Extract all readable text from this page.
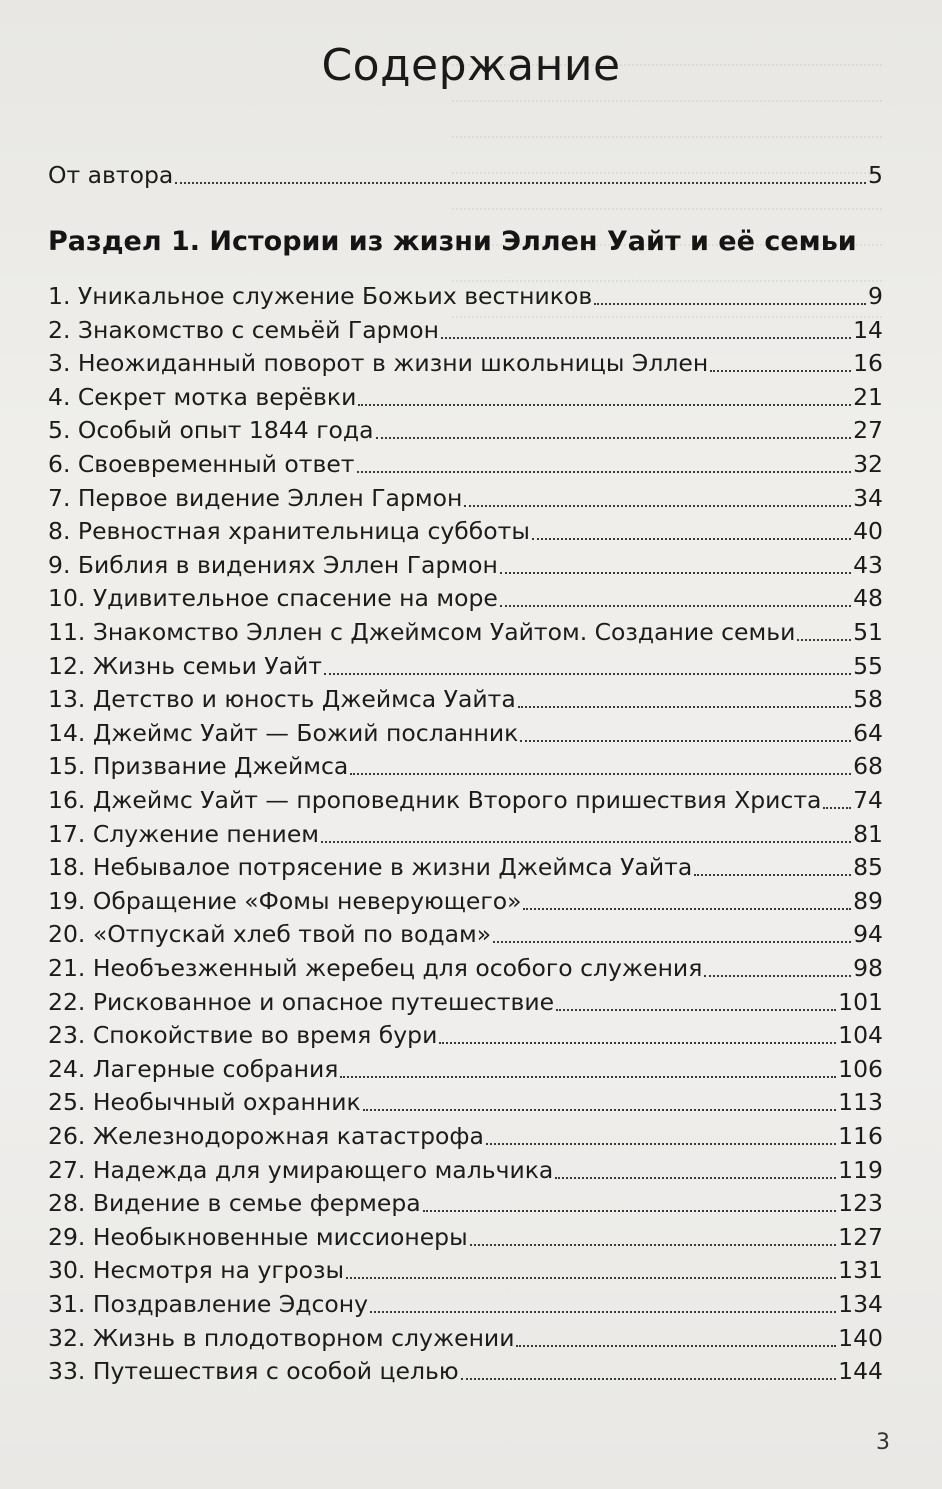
Содержание
От автора	5
Раздел 1. Истории из жизни Эллен Уайт и её семьи
1. Уникальное служение Божьих вестников	9
2. Знакомство с семьёй Гармон	14
3. Неожиданный поворот в жизни школьницы Эллен	16
4. Секрет мотка верёвки	21
5. Особый опыт 1844 года	27
6. Своевременный ответ	32
7. Первое видение Эллен Гармон	34
8. Ревностная хранительница субботы	40
9. Библия в видениях Эллен Гармон	43
10. Удивительное спасение на море	48
11. Знакомство Эллен с Джеймсом Уайтом. Создание семьи 51
12. Жизнь семьи Уайт	55
13. Детство и юность Джеймса Уайта	58
14. Джеймс Уайт — Божий посланник	64
15. Призвание Джеймса	68
16. Джеймс Уайт — проповедник Второго пришествия Христа 74
17. Служение пением	81
18. Небывалое потрясение в жизни Джеймса Уайта	85
19. Обращение «Фомы неверующего»	89
20. «Отпускай хлеб твой по водам»	94
21. Необъезженный жеребец для особого служения	98
22. Рискованное и опасное путешествие	101
23. Спокойствие во время бури	104
24. Лагерные собрания	106
25. Необычный охранник	113
26. Железнодорожная катастрофа	116
27. Надежда для умирающего мальчика	119
28. Видение в семье фермера	123
29. Необыкновенные миссионеры	127
30. Несмотря на угрозы	131
31. Поздравление Эдсону	134
32. Жизнь в плодотворном служении	140
33. Путешествия с особой целью	144
3
